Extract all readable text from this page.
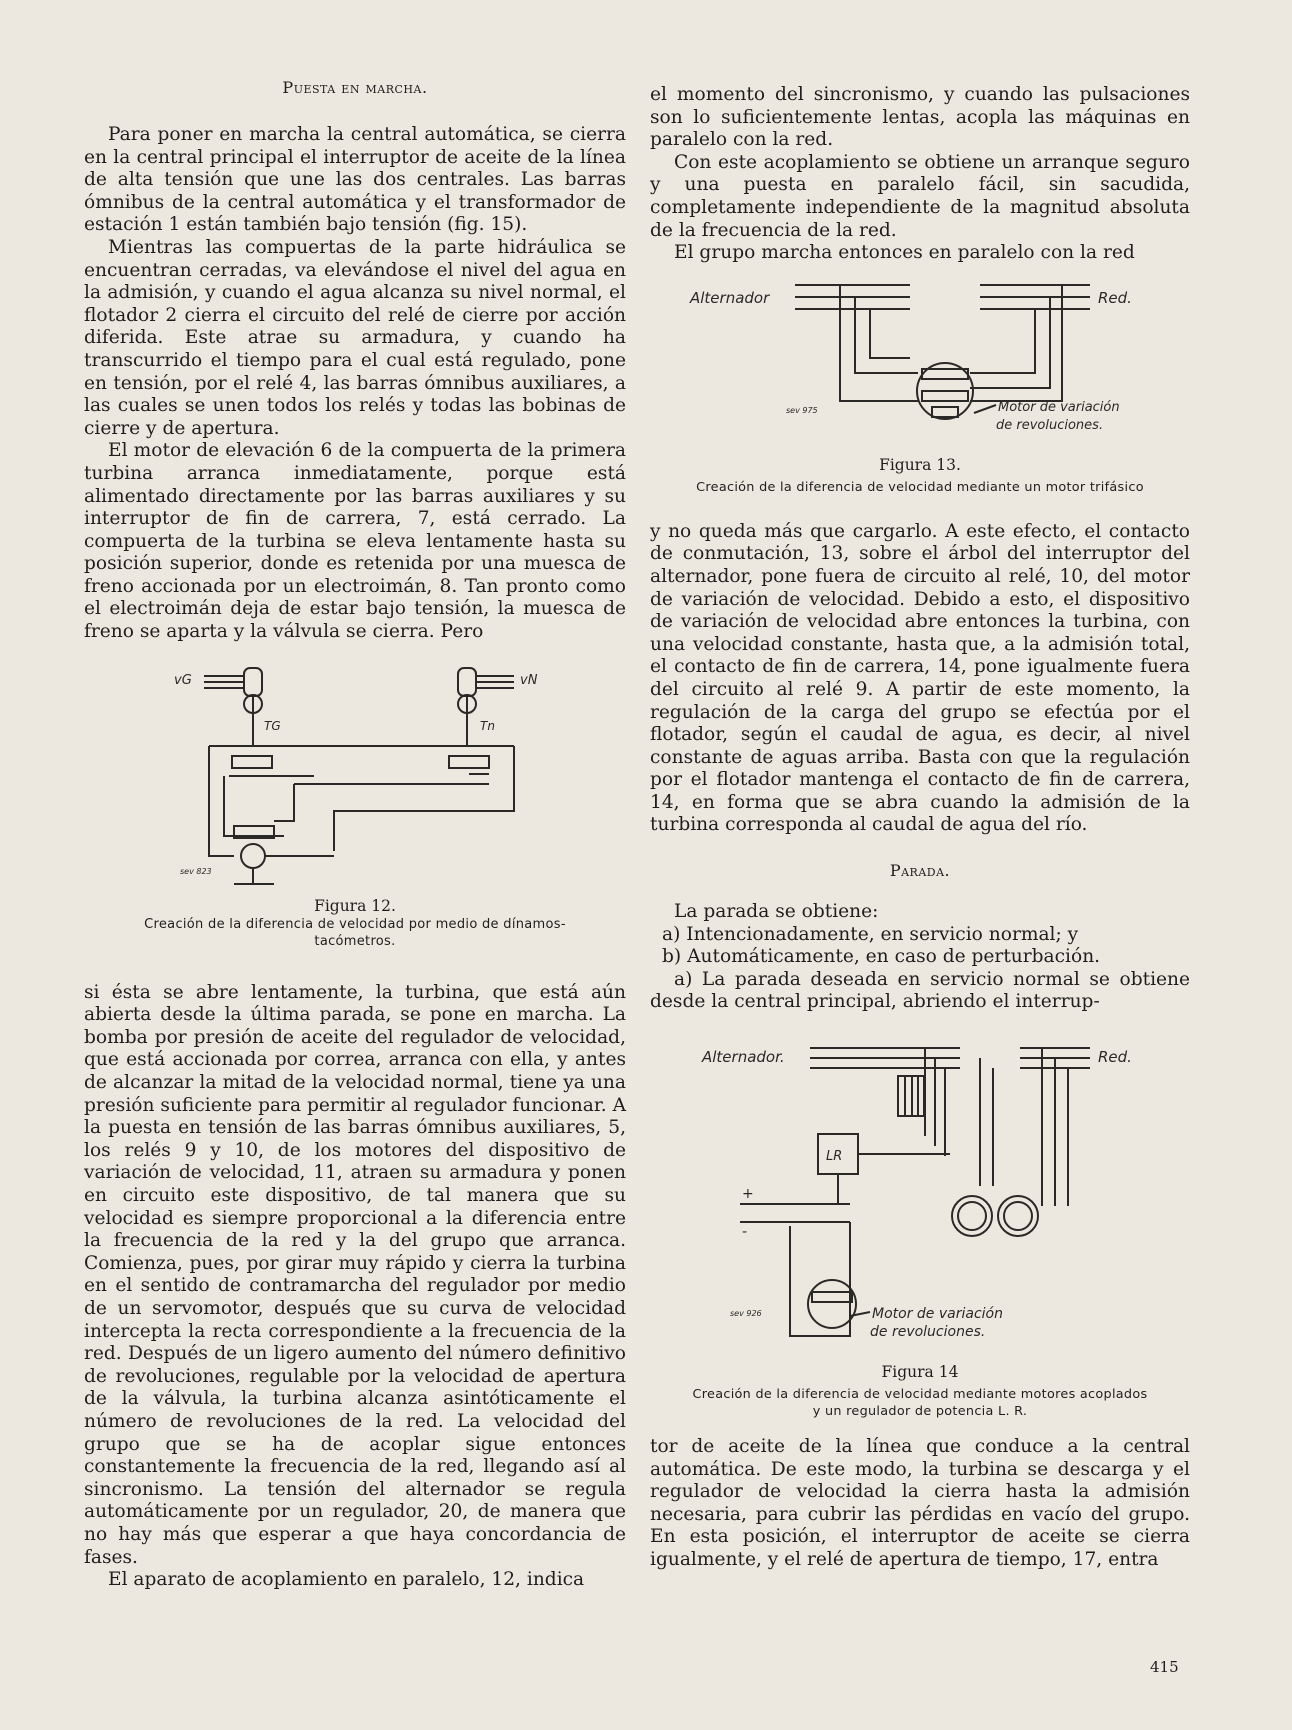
Puesta en marcha.

Para poner en marcha la central automática, se cierra en la central principal el interruptor de aceite de la línea de alta tensión que une las dos centrales. Las barras ómnibus de la central automática y el transformador de estación 1 están también bajo tensión (fig. 15).

Mientras las compuertas de la parte hidráulica se encuentran cerradas, va elevándose el nivel del agua en la admisión, y cuando el agua alcanza su nivel normal, el flotador 2 cierra el circuito del relé de cierre por acción diferida. Este atrae su armadura, y cuando ha transcurrido el tiempo para el cual está regulado, pone en tensión, por el relé 4, las barras ómnibus auxiliares, a las cuales se unen todos los relés y todas las bobinas de cierre y de apertura.

El motor de elevación 6 de la compuerta de la primera turbina arranca inmediatamente, porque está alimentado directamente por las barras auxiliares y su interruptor de fin de carrera, 7, está cerrado. La compuerta de la turbina se eleva lentamente hasta su posición superior, donde es retenida por una muesca de freno accionada por un electroimán, 8. Tan pronto como el electroimán deja de estar bajo tensión, la muesca de freno se aparta y la válvula se cierra. Pero

vG	vN
TG	Tn
sev 823
Figura 12.
Creación de la diferencia de velocidad por medio de dínamos-tacómetros.

si ésta se abre lentamente, la turbina, que está aún abierta desde la última parada, se pone en marcha. La bomba por presión de aceite del regulador de velocidad, que está accionada por correa, arranca con ella, y antes de alcanzar la mitad de la velocidad normal, tiene ya una presión suficiente para permitir al regulador funcionar. A la puesta en tensión de las barras ómnibus auxiliares, 5, los relés 9 y 10, de los motores del dispositivo de variación de velocidad, 11, atraen su armadura y ponen en circuito este dispositivo, de tal manera que su velocidad es siempre proporcional a la diferencia entre la frecuencia de la red y la del grupo que arranca. Comienza, pues, por girar muy rápido y cierra la turbina en el sentido de contramarcha del regulador por medio de un servomotor, después que su curva de velocidad intercepta la recta correspondiente a la frecuencia de la red. Después de un ligero aumento del número definitivo de revoluciones, regulable por la velocidad de apertura de la válvula, la turbina alcanza asintóticamente el número de revoluciones de la red. La velocidad del grupo que se ha de acoplar sigue entonces constantemente la frecuencia de la red, llegando así al sincronismo. La tensión del alternador se regula automáticamente por un regulador, 20, de manera que no hay más que esperar a que haya concordancia de fases.

El aparato de acoplamiento en paralelo, 12, indica

el momento del sincronismo, y cuando las pulsaciones son lo suficientemente lentas, acopla las máquinas en paralelo con la red.

Con este acoplamiento se obtiene un arranque seguro y una puesta en paralelo fácil, sin sacudida, completamente independiente de la magnitud absoluta de la frecuencia de la red.

El grupo marcha entonces en paralelo con la red

Alternador	Red.
Motor de variación
de revoluciones.
sev 975
Figura 13.
Creación de la diferencia de velocidad mediante un motor trifásico

y no queda más que cargarlo. A este efecto, el contacto de conmutación, 13, sobre el árbol del interruptor del alternador, pone fuera de circuito al relé, 10, del motor de variación de velocidad. Debido a esto, el dispositivo de variación de velocidad abre entonces la turbina, con una velocidad constante, hasta que, a la admisión total, el contacto de fin de carrera, 14, pone igualmente fuera del circuito al relé 9. A partir de este momento, la regulación de la carga del grupo se efectúa por el flotador, según el caudal de agua, es decir, al nivel constante de aguas arriba. Basta con que la regulación por el flotador mantenga el contacto de fin de carrera, 14, en forma que se abra cuando la admisión de la turbina corresponda al caudal de agua del río.

Parada.

La parada se obtiene:

a) Intencionadamente, en servicio normal; y

b) Automáticamente, en caso de perturbación.

a) La parada deseada en servicio normal se obtiene desde la central principal, abriendo el interrup-

Alternador.	Red.
LR
+
-
Motor de variación
de revoluciones.
sev 926
Figura 14
Creación de la diferencia de velocidad mediante motores acoplados
y un regulador de potencia L. R.

tor de aceite de la línea que conduce a la central automática. De este modo, la turbina se descarga y el regulador de velocidad la cierra hasta la admisión necesaria, para cubrir las pérdidas en vacío del grupo. En esta posición, el interruptor de aceite se cierra igualmente, y el relé de apertura de tiempo, 17, entra

415
